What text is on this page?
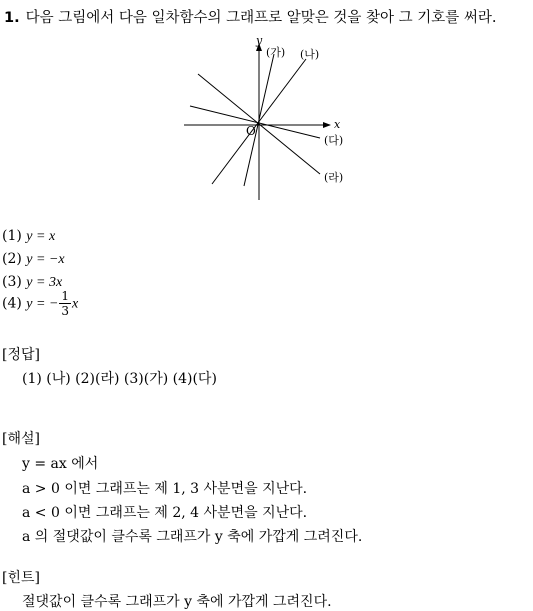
1. 다음 그림에서 다음 일차함수의 그래프로 알맞은 것을 찾아 그 기호를 써라.
x
y
O
(가) (나)
(다)
(라)
(1) y = x
(2) y = −x
(3) y = 3x
(4) y = − $\frac{1}{3}$ x
[정답]
(1) (나) (2)(라) (3)(가) (4)(다)
[해설]
y = ax 에서
a > 0 이면 그래프는 제 1, 3 사분면을 지난다.
a < 0 이면 그래프는 제 2, 4 사분면을 지난다.
a 의 절댓값이 클수록 그래프가 y 축에 가깝게 그려진다.
[힌트]
절댓값이 클수록 그래프가 y 축에 가깝게 그려진다.
